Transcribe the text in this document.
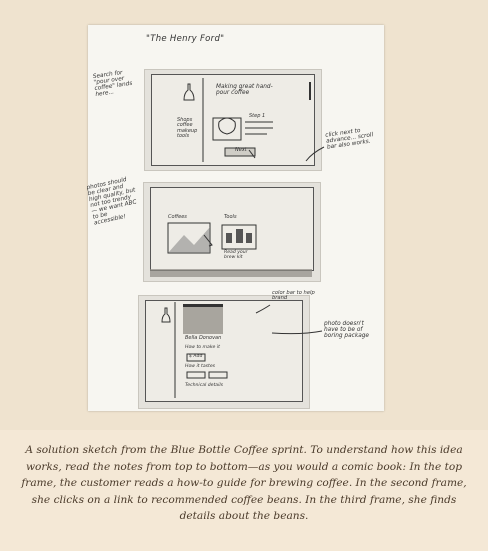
"The Henry Ford"
Making great hand-pour coffee
Shops coffee makeup tools
Step 1
Next
Coffees	Tools
Read your brew kit
Bella Donovan
How to make it
$ Add
How it tastes
Technical details
Search for "pour over coffee" lands here...
click next to advance... scroll bar also works.
photos should be clear and high quality, but not too trendy — we want ABC to be accessible!
color bar to help brand
photo doesn't have to be of boring package
A solution sketch from the Blue Bottle Coffee sprint. To understand how this idea works, read the notes from top to bottom—as you would a comic book: In the top frame, the customer reads a how-to guide for brewing coffee. In the second frame, she clicks on a link to recommended coffee beans. In the third frame, she finds details about the beans.
